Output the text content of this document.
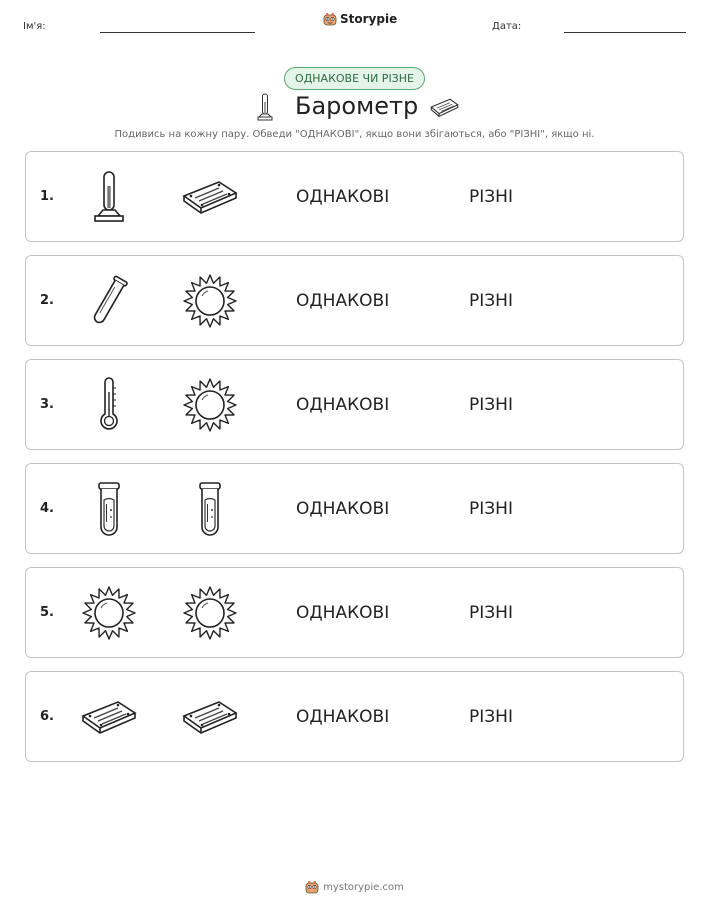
Ім'я:
Storypie
Дата:
ОДНАКОВЕ ЧИ РІЗНЕ
Барометр
Подивись на кожну пару. Обведи "ОДНАКОВІ", якщо вони збігаються, або "РІЗНІ", якщо ні.
1.	ОДНАКОВІ	РІЗНІ
2.	ОДНАКОВІ	РІЗНІ
3.	ОДНАКОВІ	РІЗНІ
4.	ОДНАКОВІ	РІЗНІ
5.	ОДНАКОВІ	РІЗНІ
6.	ОДНАКОВІ	РІЗНІ
mystorypie.com
